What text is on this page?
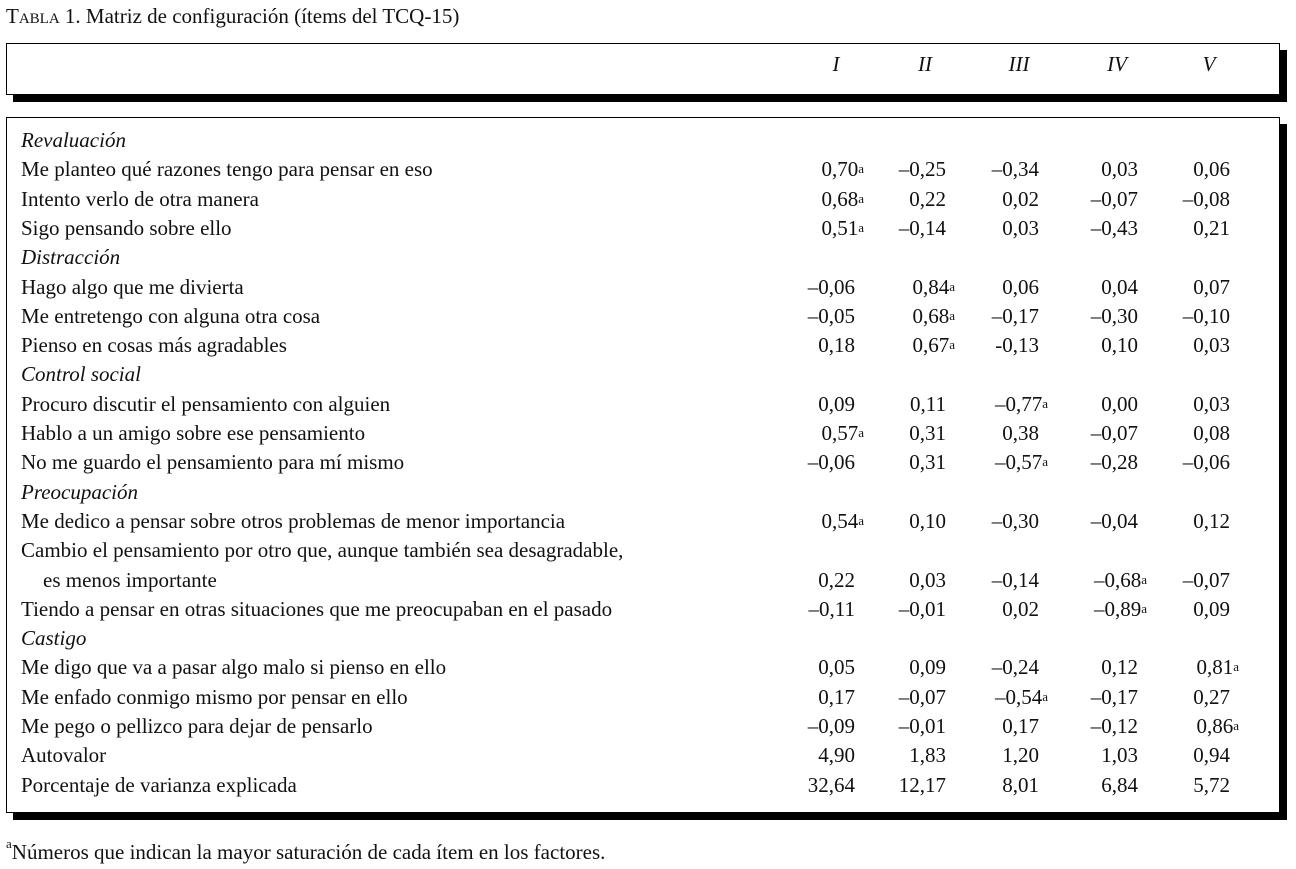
Tabla 1. Matriz de configuración (ítems del TCQ-15)
I	II	III	IV	V
Revaluación
Me planteo qué razones tengo para pensar en eso	0,70$^a$	–0,25	–0,34	0,03	0,06
Intento verlo de otra manera	0,68$^a$	0,22	0,02	–0,07	–0,08
Sigo pensando sobre ello	0,51$^a$	–0,14	0,03	–0,43	0,21
Distracción
Hago algo que me divierta	–0,06	0,84$^a$	0,06	0,04	0,07
Me entretengo con alguna otra cosa	–0,05	0,68$^a$	–0,17	–0,30	–0,10
Pienso en cosas más agradables	0,18	0,67$^a$	-0,13	0,10	0,03
Control social
Procuro discutir el pensamiento con alguien	0,09	0,11	–0,77$^a$	0,00	0,03
Hablo a un amigo sobre ese pensamiento	0,57$^a$	0,31	0,38	–0,07	0,08
No me guardo el pensamiento para mí mismo	–0,06	0,31	–0,57$^a$	–0,28	–0,06
Preocupación
Me dedico a pensar sobre otros problemas de menor importancia	0,54$^a$	0,10	–0,30	–0,04	0,12
Cambio el pensamiento por otro que, aunque también sea desagradable,
es menos importante	0,22	0,03	–0,14	–0,68$^a$	–0,07
Tiendo a pensar en otras situaciones que me preocupaban en el pasado	–0,11	–0,01	0,02	–0,89$^a$	0,09
Castigo
Me digo que va a pasar algo malo si pienso en ello	0,05	0,09	–0,24	0,12	0,81$^a$
Me enfado conmigo mismo por pensar en ello	0,17	–0,07	–0,54$^a$	–0,17	0,27
Me pego o pellizco para dejar de pensarlo	–0,09	–0,01	0,17	–0,12	0,86$^a$
Autovalor	4,90	1,83	1,20	1,03	0,94
Porcentaje de varianza explicada	32,64	12,17	8,01	6,84	5,72
$^a$Números que indican la mayor saturación de cada ítem en los factores.
